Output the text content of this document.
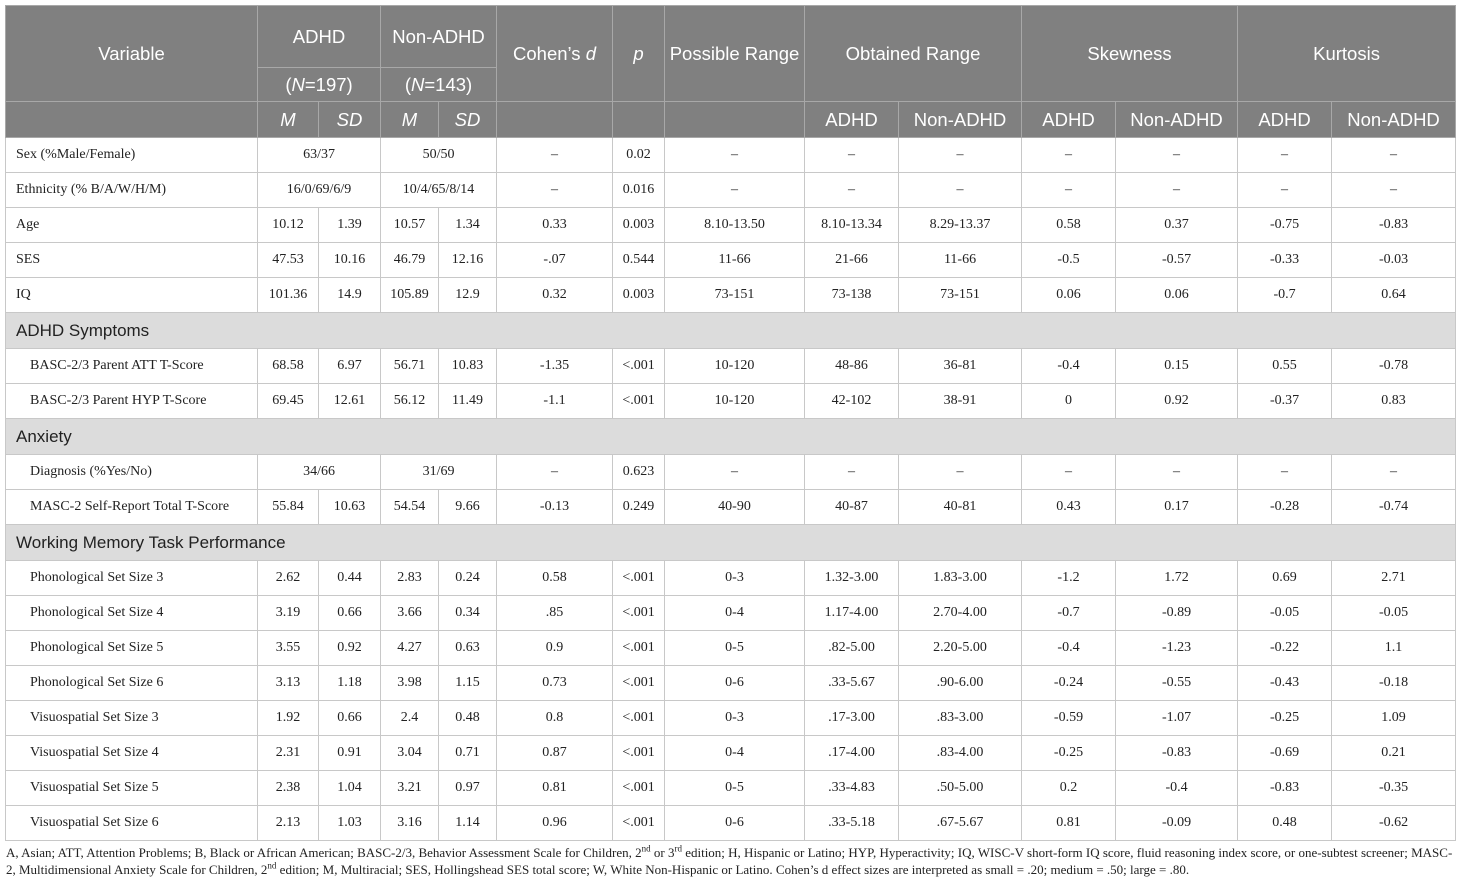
Variable	ADHD		Non-ADHD		Cohen’s d	p	Possible Range	Obtained Range		Skewness		Kurtosis	
	(N=197)		(N=143)										
	M	SD	M	SD				ADHD	Non-ADHD	ADHD	Non-ADHD	ADHD	Non-ADHD
Sex (%Male/Female)	63/37		50/50		–	0.02	–	–	–	–	–	–	–
Ethnicity (% B/A/W/H/M)	16/0/69/6/9		10/4/65/8/14		–	0.016	–	–	–	–	–	–	–
Age	10.12	1.39	10.57	1.34	0.33	0.003	8.10-13.50	8.10-13.34	8.29-13.37	0.58	0.37	-0.75	-0.83
SES	47.53	10.16	46.79	12.16	-.07	0.544	11-66	21-66	11-66	-0.5	-0.57	-0.33	-0.03
IQ	101.36	14.9	105.89	12.9	0.32	0.003	73-151	73-138	73-151	0.06	0.06	-0.7	0.64
ADHD Symptoms													
BASC-2/3 Parent ATT T-Score	68.58	6.97	56.71	10.83	-1.35	<.001	10-120	48-86	36-81	-0.4	0.15	0.55	-0.78
BASC-2/3 Parent HYP T-Score	69.45	12.61	56.12	11.49	-1.1	<.001	10-120	42-102	38-91	0	0.92	-0.37	0.83
Anxiety													
Diagnosis (%Yes/No)	34/66		31/69		–	0.623	–	–	–	–	–	–	–
MASC-2 Self-Report Total T-Score	55.84	10.63	54.54	9.66	-0.13	0.249	40-90	40-87	40-81	0.43	0.17	-0.28	-0.74
Working Memory Task Performance													
Phonological Set Size 3	2.62	0.44	2.83	0.24	0.58	<.001	0-3	1.32-3.00	1.83-3.00	-1.2	1.72	0.69	2.71
Phonological Set Size 4	3.19	0.66	3.66	0.34	.85	<.001	0-4	1.17-4.00	2.70-4.00	-0.7	-0.89	-0.05	-0.05
Phonological Set Size 5	3.55	0.92	4.27	0.63	0.9	<.001	0-5	.82-5.00	2.20-5.00	-0.4	-1.23	-0.22	1.1
Phonological Set Size 6	3.13	1.18	3.98	1.15	0.73	<.001	0-6	.33-5.67	.90-6.00	-0.24	-0.55	-0.43	-0.18
Visuospatial Set Size 3	1.92	0.66	2.4	0.48	0.8	<.001	0-3	.17-3.00	.83-3.00	-0.59	-1.07	-0.25	1.09
Visuospatial Set Size 4	2.31	0.91	3.04	0.71	0.87	<.001	0-4	.17-4.00	.83-4.00	-0.25	-0.83	-0.69	0.21
Visuospatial Set Size 5	2.38	1.04	3.21	0.97	0.81	<.001	0-5	.33-4.83	.50-5.00	0.2	-0.4	-0.83	-0.35
Visuospatial Set Size 6	2.13	1.03	3.16	1.14	0.96	<.001	0-6	.33-5.18	.67-5.67	0.81	-0.09	0.48	-0.62
A, Asian; ATT, Attention Problems; B, Black or African American; BASC-2/3, Behavior Assessment Scale for Children, 2nd or 3rd edition; H, Hispanic or Latino; HYP, Hyperactivity; IQ, WISC-V short-form IQ score, fluid reasoning index score, or one-subtest screener; MASC-2, Multidimensional Anxiety Scale for Children, 2nd edition; M, Multiracial; SES, Hollingshead SES total score; W, White Non-Hispanic or Latino. Cohen’s d effect sizes are interpreted as small = .20; medium = .50; large = .80.
